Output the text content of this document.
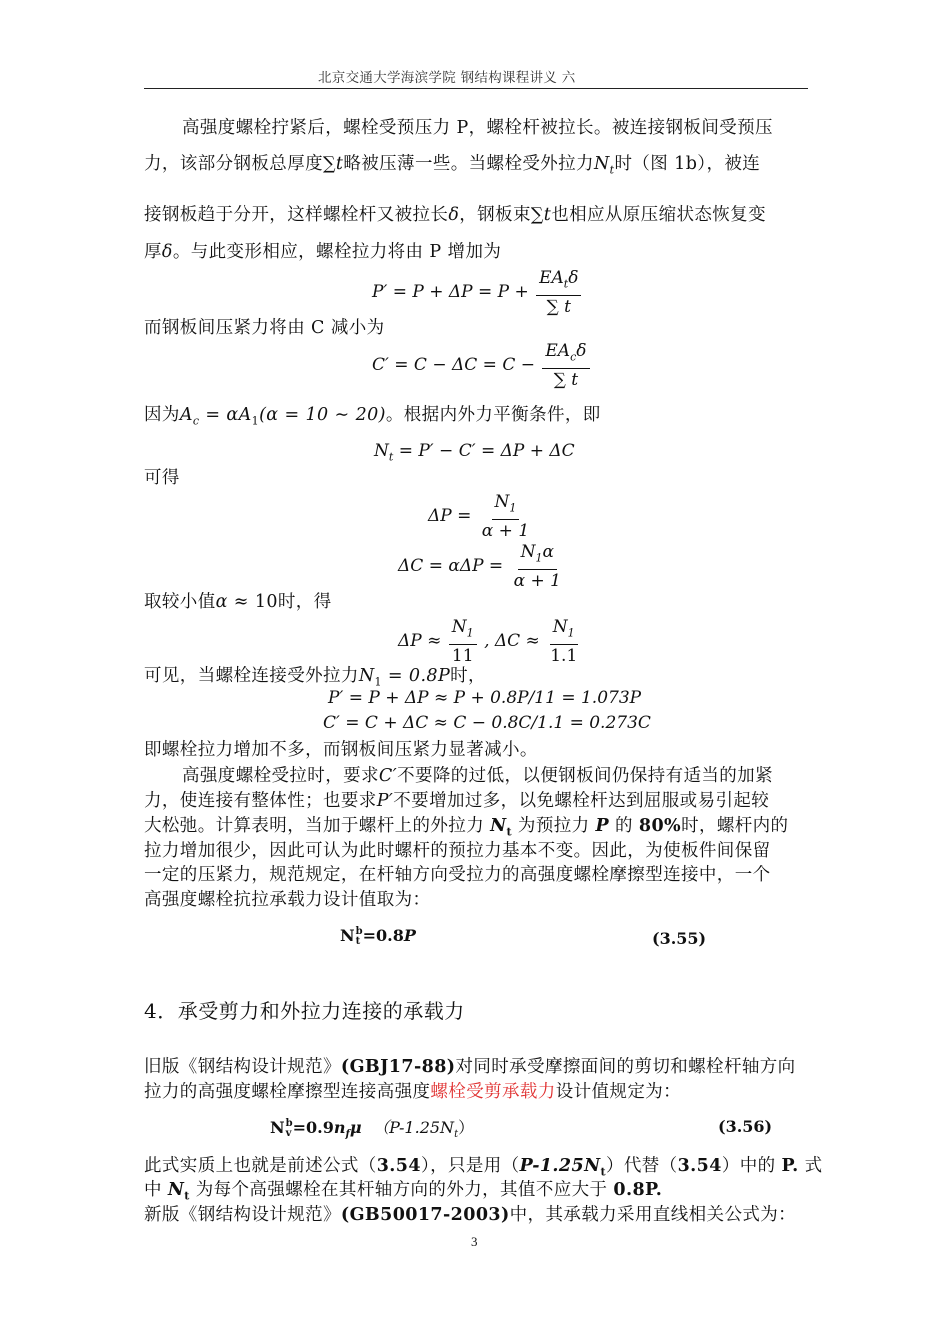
北京交通大学海滨学院 钢结构课程讲义 六
高强度螺栓拧紧后，螺栓受预压力 P，螺栓杆被拉长。被连接钢板间受预压
力，该部分钢板总厚度∑t略被压薄一些。当螺栓受外拉力$N_t$时（图 1b），被连
接钢板趋于分开，这样螺栓杆又被拉长δ，钢板束∑t也相应从原压缩状态恢复变
厚δ。与此变形相应，螺栓拉力将由 P 增加为
$P' = P + \Delta P = P + \frac{EA_t\delta}{\sum t}$
而钢板间压紧力将由 C 减小为
$C' = C - \Delta C = C - \frac{EA_c\delta}{\sum t}$
因为$A_c = \alpha A_1(\alpha = 10$ ∼ 20)。根据内外力平衡条件，即
$N_t = P' - C' = \Delta P + \Delta C$
可得
$\Delta P = \frac{N_1}{\alpha + 1}$
$\Delta C = \alpha\Delta P = \frac{N_1\alpha}{\alpha + 1}$
取较小值α ≈ 10时，得
$\Delta P \approx \frac{N_1}{11}$ , $\Delta C \approx \frac{N_1}{1.1}$
可见，当螺栓连接受外拉力$N_1 = 0.8P$时，
P′ = P + ΔP ≈ P + 0.8P/11 = 1.073P
C′ = C + ΔC ≈ C − 0.8C/1.1 = 0.273C
即螺栓拉力增加不多，而钢板间压紧力显著减小。
高强度螺栓受拉时，要求C′不要降的过低，以便钢板间仍保持有适当的加紧
力，使连接有整体性；也要求P′不要增加过多，以免螺栓杆达到屈服或易引起较
大松弛。计算表明，当加于螺杆上的外拉力 $N_t$ 为预拉力 P 的 80%时，螺杆内的
拉力增加很少，因此可认为此时螺杆的预拉力基本不变。因此，为使板件间保留
一定的压紧力，规范规定，在杆轴方向受拉力的高强度螺栓摩擦型连接中，一个
高强度螺栓抗拉承载力设计值取为：
N b
t =0.8P	(3.55)
4．承受剪力和外拉力连接的承载力
旧版《钢结构设计规范》(GBJ17-88)对同时承受摩擦面间的剪切和螺栓杆轴方向
拉力的高强度螺栓摩擦型连接高强度螺栓受剪承载力设计值规定为：
N b
$v =0.9n_f\mu$ $(P-1.25N_t)$	(3.56)
此式实质上也就是前述公式（3.54），只是用$(P-1.25N_t)$代替（3.54）中的 P. 式
中 $N_t$ 为每个高强螺栓在其杆轴方向的外力，其值不应大于 0.8P.
新版《钢结构设计规范》(GB50017-2003)中，其承载力采用直线相关公式为：
3
